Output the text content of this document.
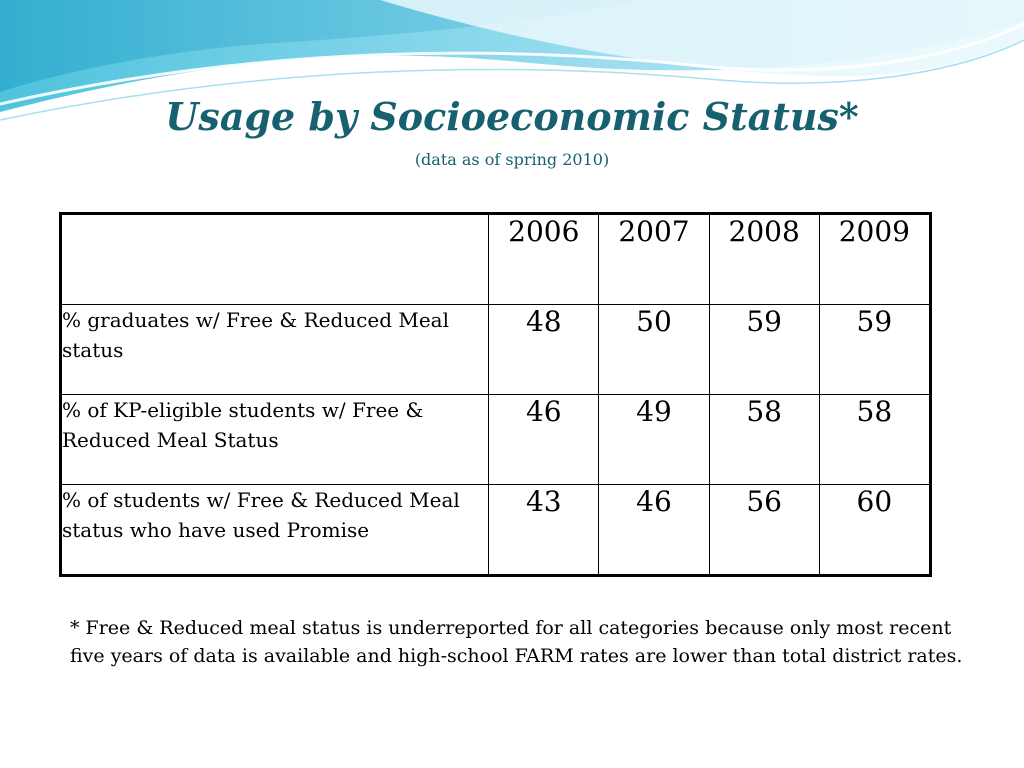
Usage by Socioeconomic Status*

(data as of spring 2010)

	2006	2007	2008	2009
% graduates w/ Free & Reduced Meal status	48	50	59	59
% of KP-eligible students w/ Free & Reduced Meal Status	46	49	58	58
% of students w/ Free & Reduced Meal status who have used Promise	43	46	56	60

* Free & Reduced meal status is underreported for all categories because only most recent five years of data is available and high-school FARM rates are lower than total district rates.
